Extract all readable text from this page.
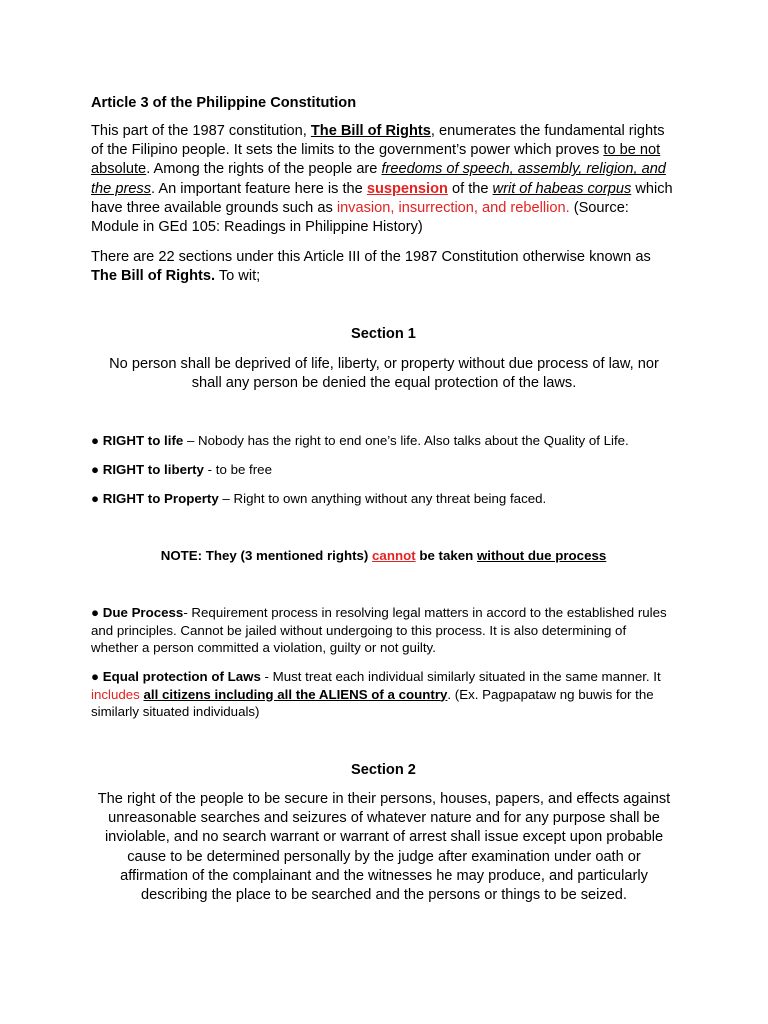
Article 3 of the Philippine Constitution

This part of the 1987 constitution, The Bill of Rights, enumerates the fundamental rights of the Filipino people. It sets the limits to the government’s power which proves to be not absolute. Among the rights of the people are freedoms of speech, assembly, religion, and the press. An important feature here is the suspension of the writ of habeas corpus which have three available grounds such as invasion, insurrection, and rebellion. (Source: Module in GEd 105: Readings in Philippine History)

There are 22 sections under this Article III of the 1987 Constitution otherwise known as The Bill of Rights. To wit;

Section 1

No person shall be deprived of life, liberty, or property without due process of law, nor shall any person be denied the equal protection of the laws.

● RIGHT to life – Nobody has the right to end one’s life. Also talks about the Quality of Life.

● RIGHT to liberty - to be free

● RIGHT to Property – Right to own anything without any threat being faced.

NOTE: They (3 mentioned rights) cannot be taken without due process

● Due Process- Requirement process in resolving legal matters in accord to the established rules and principles. Cannot be jailed without undergoing to this process. It is also determining of whether a person committed a violation, guilty or not guilty.

● Equal protection of Laws - Must treat each individual similarly situated in the same manner. It includes all citizens including all the ALIENS of a country. (Ex. Pagpapataw ng buwis for the similarly situated individuals)

Section 2

The right of the people to be secure in their persons, houses, papers, and effects against unreasonable searches and seizures of whatever nature and for any purpose shall be inviolable, and no search warrant or warrant of arrest shall issue except upon probable cause to be determined personally by the judge after examination under oath or affirmation of the complainant and the witnesses he may produce, and particularly describing the place to be searched and the persons or things to be seized.
